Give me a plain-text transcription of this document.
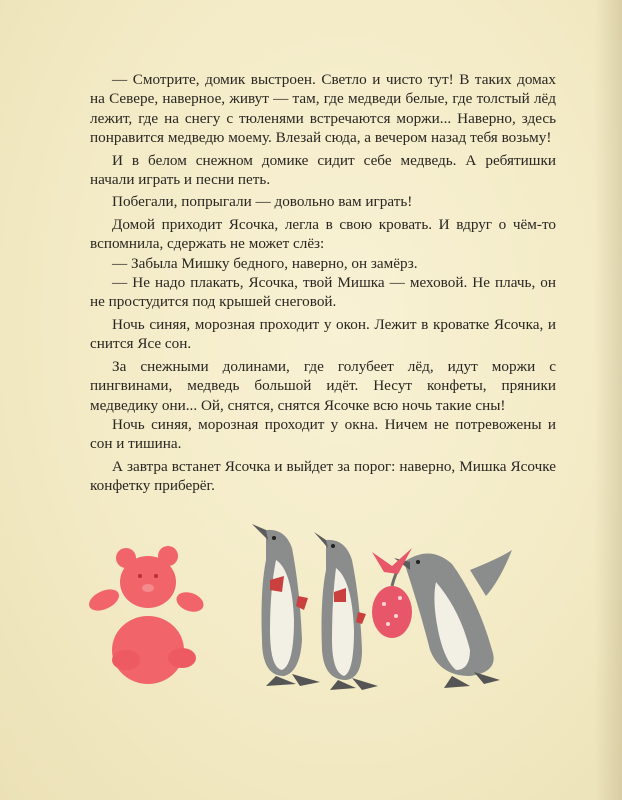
— Смотрите, домик выстроен. Светло и чисто тут! В таких домах на Севере, наверное, живут — там, где медведи белые, где толстый лёд лежит, где на снегу с тюленями встречаются моржи... Наверно, здесь понравится медведю моему. Влезай сюда, а вечером назад тебя возьму!

И в белом снежном домике сидит себе медведь. А ребятишки начали играть и песни петь.

Побегали, попрыгали — довольно вам играть!

Домой приходит Ясочка, легла в свою кровать. И вдруг о чём-то вспомнила, сдержать не может слёз:

— Забыла Мишку бедного, наверно, он замёрз.

— Не надо плакать, Ясочка, твой Мишка — меховой. Не плачь, он не простудится под крышей снеговой.

Ночь синяя, морозная проходит у окон. Лежит в кроватке Ясочка, и снится Ясе сон.

За снежными долинами, где голубеет лёд, идут моржи с пингвинами, медведь большой идёт. Несут конфеты, пряники медведику они... Ой, снятся, снятся Ясочке всю ночь такие сны!

Ночь синяя, морозная проходит у окна. Ничем не потревожены и сон и тишина.

А завтра встанет Ясочка и выйдет за порог: наверно, Мишка Ясочке конфетку приберёг.
